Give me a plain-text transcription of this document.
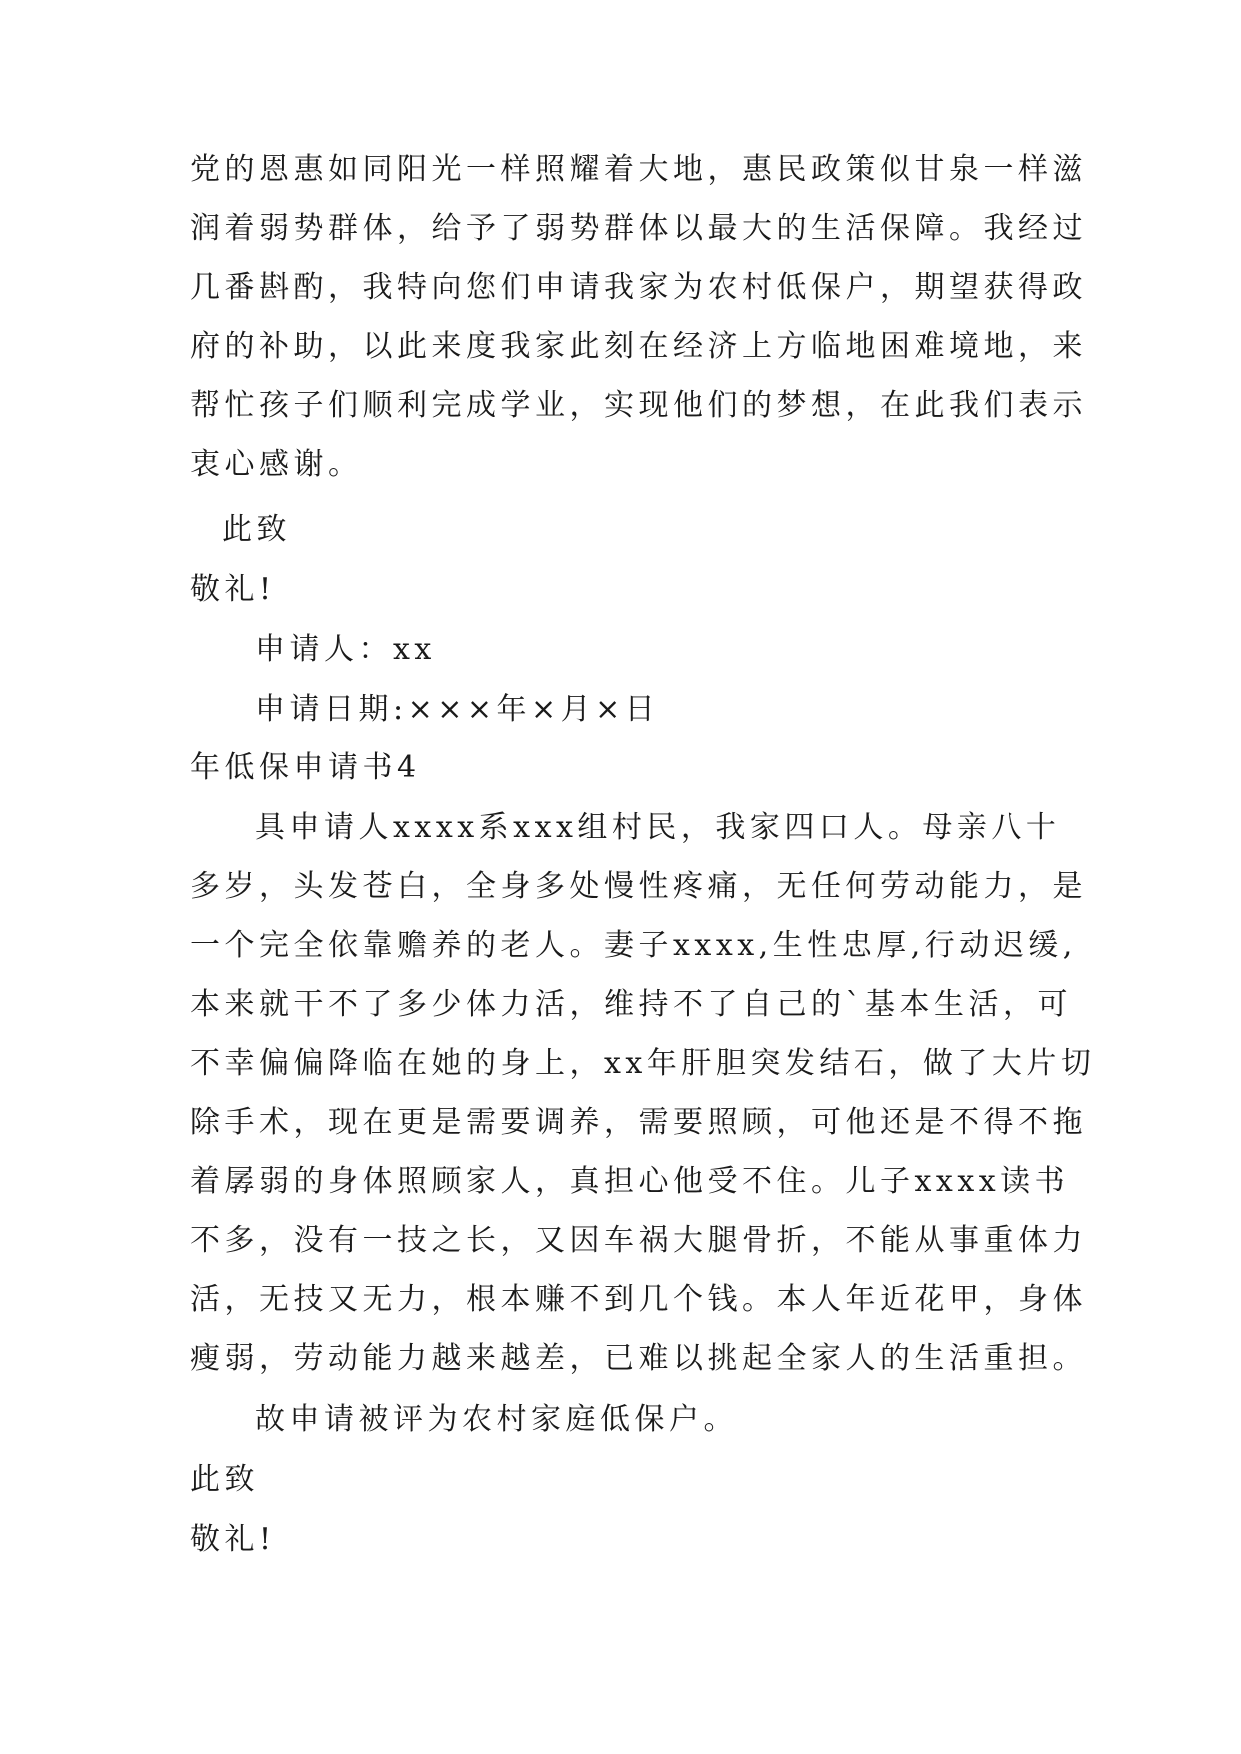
党的恩惠如同阳光一样照耀着大地，惠民政策似甘泉一样滋
润着弱势群体，给予了弱势群体以最大的生活保障。我经过
几番斟酌，我特向您们申请我家为农村低保户，期望获得政
府的补助，以此来度我家此刻在经济上方临地困难境地，来
帮忙孩子们顺利完成学业，实现他们的梦想，在此我们表示
衷心感谢。
此致
敬礼!
申请人：xx
申请日期:×××年×月×日
年低保申请书4
具申请人xxxx系xxx组村民，我家四口人。母亲八十
多岁，头发苍白，全身多处慢性疼痛，无任何劳动能力，是
一个完全依靠赡养的老人。妻子xxxx,生性忠厚,行动迟缓,
本来就干不了多少体力活，维持不了自己的`基本生活，可
不幸偏偏降临在她的身上，xx年肝胆突发结石，做了大片切
除手术，现在更是需要调养，需要照顾，可他还是不得不拖
着孱弱的身体照顾家人，真担心他受不住。儿子xxxx读书
不多，没有一技之长，又因车祸大腿骨折，不能从事重体力
活，无技又无力，根本赚不到几个钱。本人年近花甲，身体
瘦弱，劳动能力越来越差，已难以挑起全家人的生活重担。
故申请被评为农村家庭低保户。
此致
敬礼!
